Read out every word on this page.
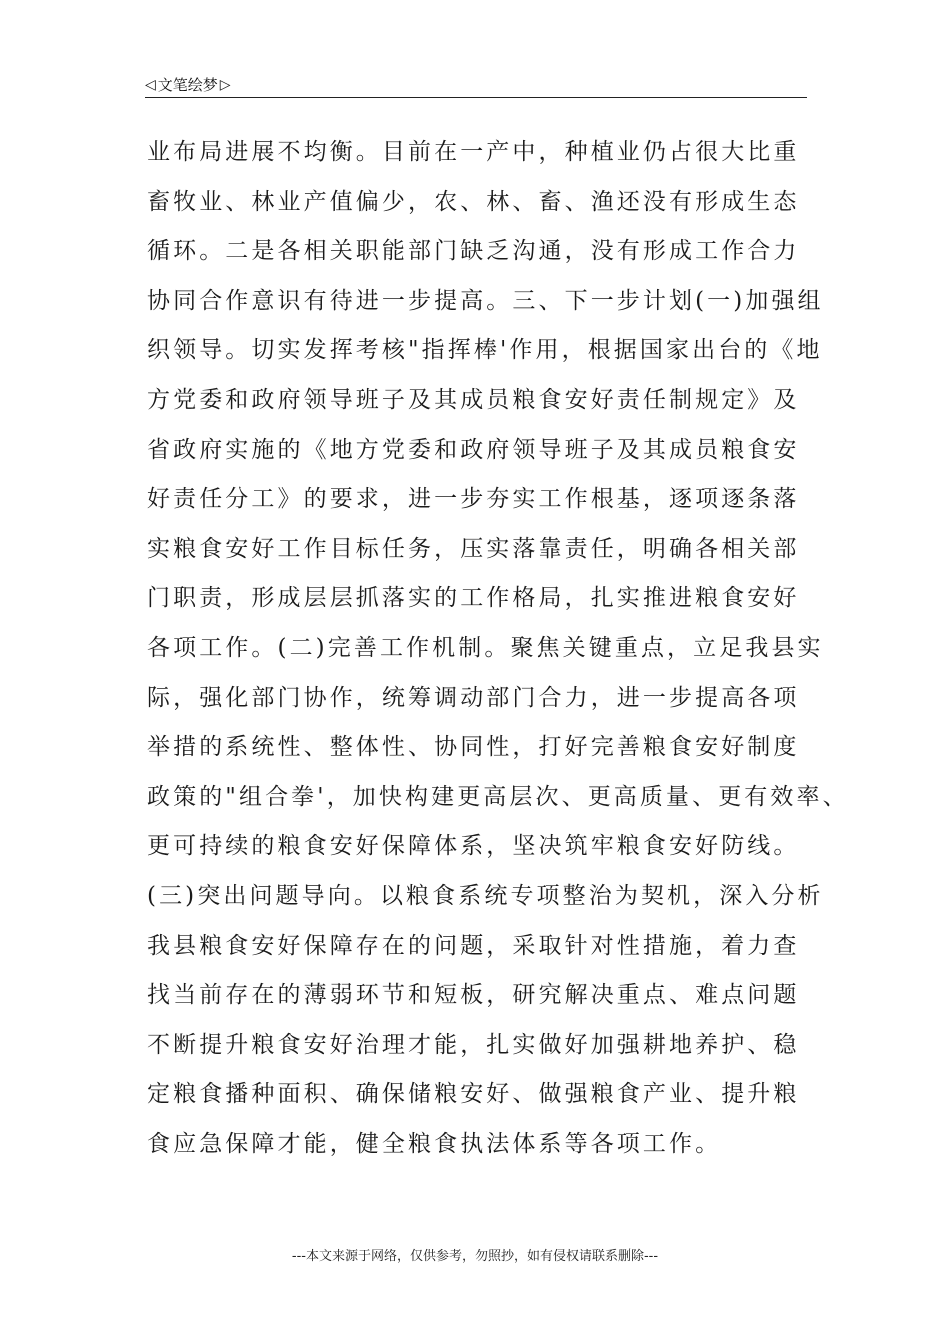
◁ 文笔绘梦 ▷
业布局进展不均衡。目前在一产中，种植业仍占很大比重
畜牧业、林业产值偏少，农、林、畜、渔还没有形成生态
循环。二是各相关职能部门缺乏沟通，没有形成工作合力
协同合作意识有待进一步提高。三、下一步计划(一)加强组
织领导。切实发挥考核"指挥棒'作用，根据国家出台的《地
方党委和政府领导班子及其成员粮食安好责任制规定》及
省政府实施的《地方党委和政府领导班子及其成员粮食安
好责任分工》的要求，进一步夯实工作根基，逐项逐条落
实粮食安好工作目标任务，压实落靠责任，明确各相关部
门职责，形成层层抓落实的工作格局，扎实推进粮食安好
各项工作。(二)完善工作机制。聚焦关键重点，立足我县实
际，强化部门协作，统筹调动部门合力，进一步提高各项
举措的系统性、整体性、协同性，打好完善粮食安好制度
政策的"组合拳'，加快构建更高层次、更高质量、更有效率、
更可持续的粮食安好保障体系，坚决筑牢粮食安好防线。
(三)突出问题导向。以粮食系统专项整治为契机，深入分析
我县粮食安好保障存在的问题，采取针对性措施，着力查
找当前存在的薄弱环节和短板，研究解决重点、难点问题
不断提升粮食安好治理才能，扎实做好加强耕地养护、稳
定粮食播种面积、确保储粮安好、做强粮食产业、提升粮
食应急保障才能，健全粮食执法体系等各项工作。
---本文来源于网络，仅供参考，勿照抄，如有侵权请联系删除---
